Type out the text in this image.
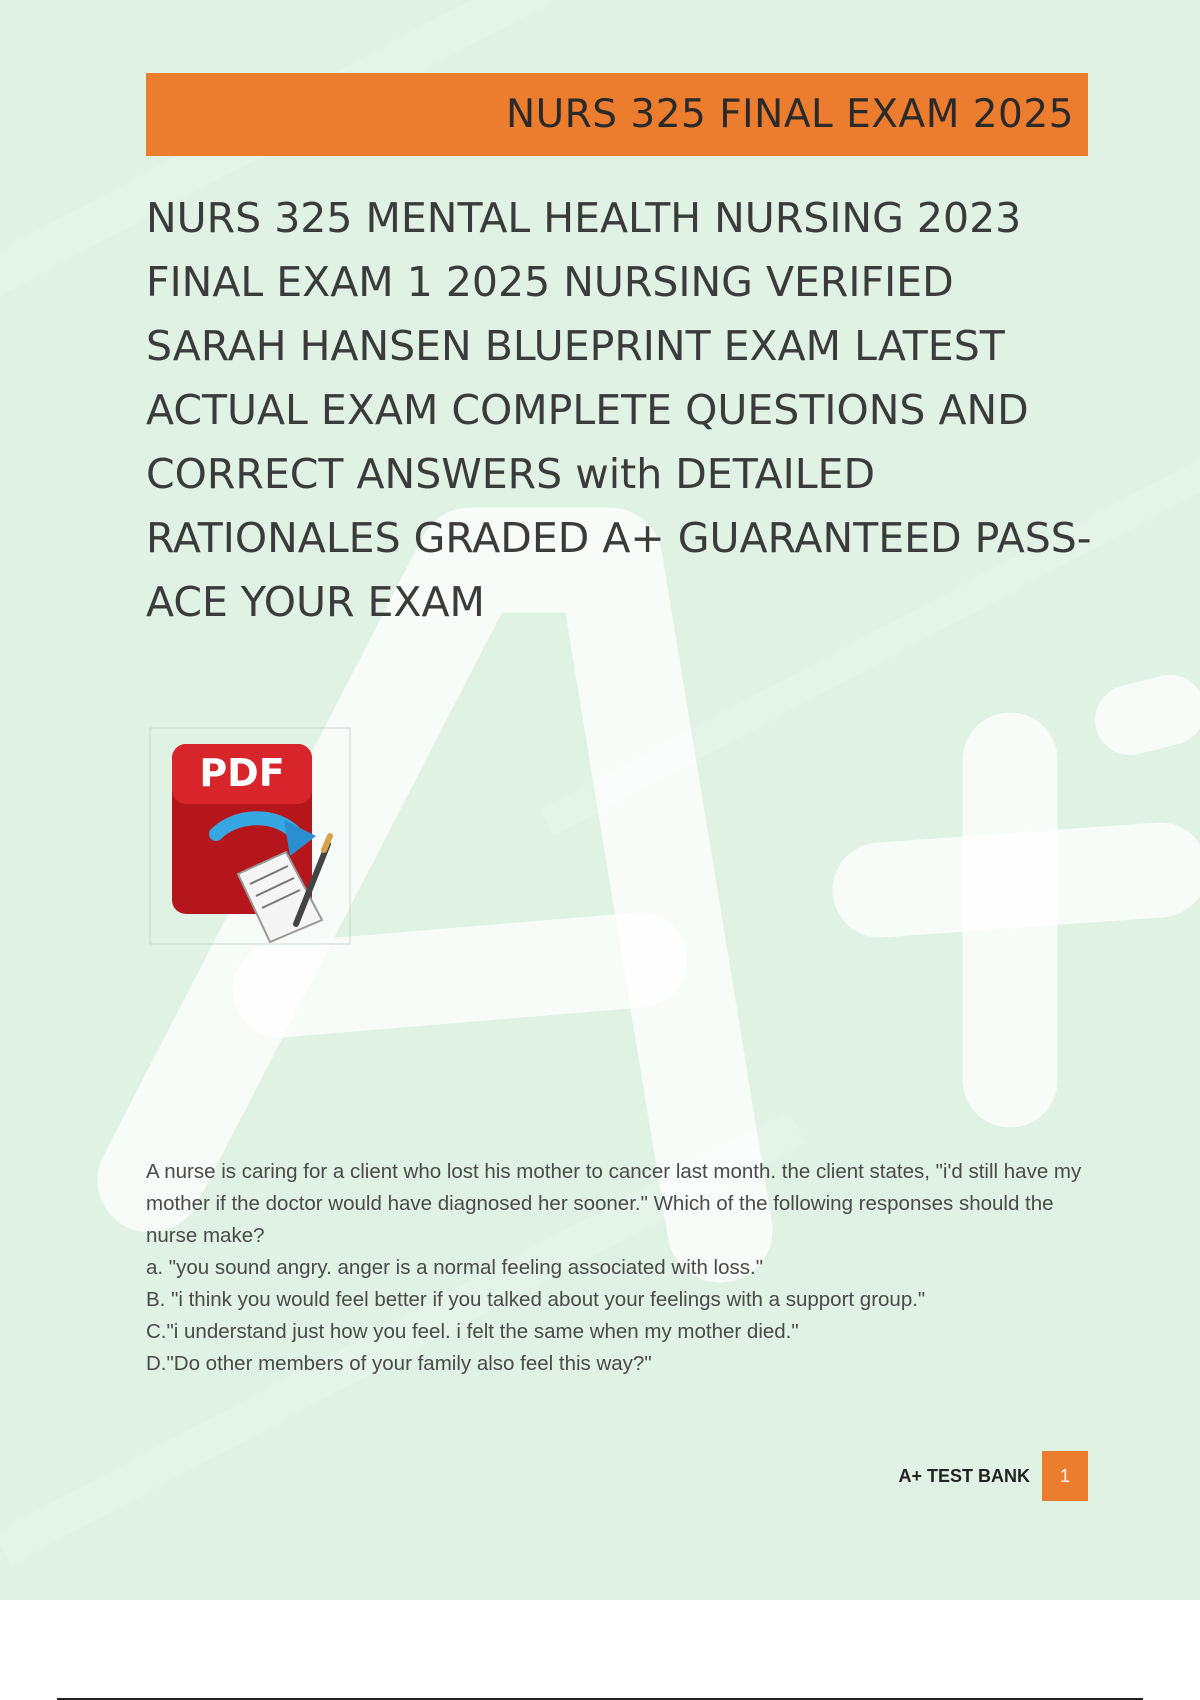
NURS 325 FINAL EXAM 2025
NURS 325 MENTAL HEALTH NURSING 2023
FINAL EXAM 1 2025 NURSING VERIFIED
SARAH HANSEN BLUEPRINT EXAM LATEST
ACTUAL EXAM COMPLETE QUESTIONS AND
CORRECT ANSWERS with DETAILED
RATIONALES GRADED A+ GUARANTEED PASS-
ACE YOUR EXAM
PDF

A nurse is caring for a client who lost his mother to cancer last month. the client states, "i'd still have my mother if the doctor would have diagnosed her sooner." Which of the following responses should the nurse make?

a. "you sound angry. anger is a normal feeling associated with loss."

B. "i think you would feel better if you talked about your feelings with a support group."

C."i understand just how you feel. i felt the same when my mother died."

D."Do other members of your family also feel this way?"

A+ TEST BANK	1
